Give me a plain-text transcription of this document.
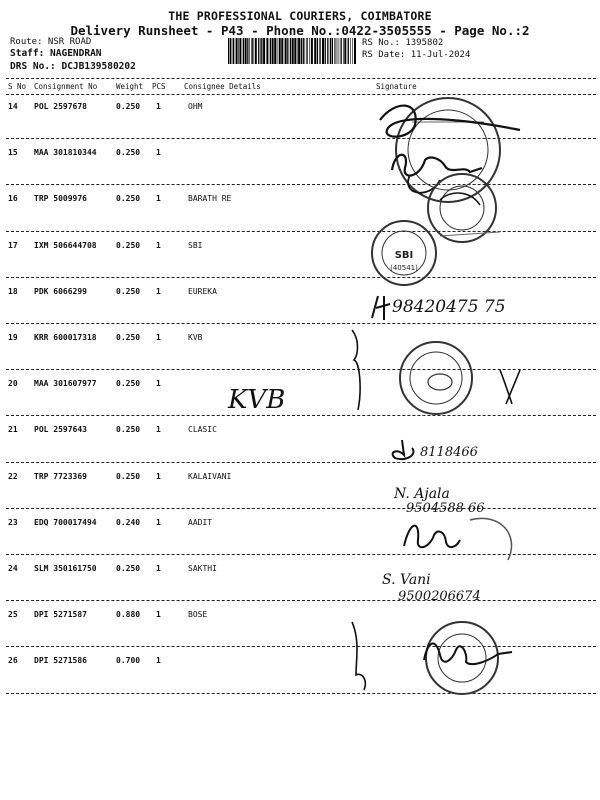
THE PROFESSIONAL COURIERS, COIMBATORE
Delivery Runsheet - P43 - Phone No.:0422-3505555 - Page No.:2
Route: NSR ROAD
Staff: NAGENDRAN
DRS No.: DCJB139580202
RS No.: 1395802
RS Date: 11-Jul-2024
S No Consignment No	Weight PCS Consignee Details	Signature
14 POL 2597678	0.250 1	OHM
15 MAA 301810344 0.250 1
16 TRP 5009976	0.250 1	BARATH RE
17 IXM 506644708 0.250 1	SBI
18 PDK 6066299	0.250 1	EUREKA
19 KRR 600017318 0.250 1	KVB
20 MAA 301607977 0.250 1
21 POL 2597643	0.250 1	CLASIC
22 TRP 7723369	0.250 1	KALAIVANI
23 EDQ 700017494 0.240 1	AADIT
24 SLM 350161750 0.250 1	SAKTHI
25 DPI 5271587	0.880 1	BOSE
26 DPI 5271586	0.700 1
SBI
(40541)
98420475 75
KVB
8118466
N. Ajala
9504588 66
S. Vani
9500206674
